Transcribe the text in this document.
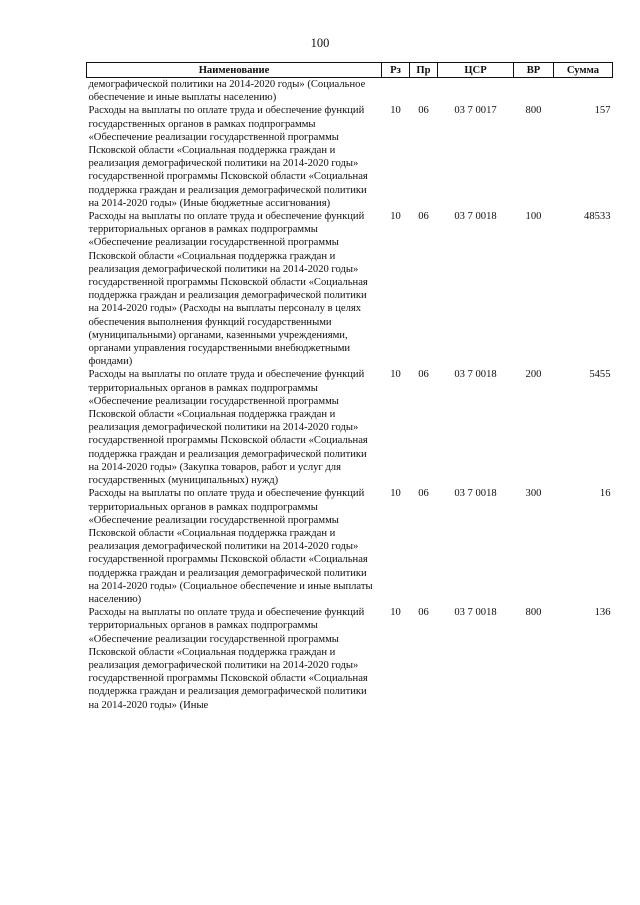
100
Наименование	Рз	Пр	ЦСР	ВР	Сумма
демографической политики на 2014-2020 годы» (Социальное обеспечение и иные выплаты населению)					
Расходы на выплаты по оплате труда и обеспечение функций государственных органов в рамках подпрограммы «Обеспечение реализации государственной программы Псковской области «Социальная поддержка граждан и реализация демографической политики на 2014-2020 годы» государственной программы Псковской области «Социальная поддержка граждан и реализация демографической политики на 2014-2020 годы» (Иные бюджетные ассигнования)	10	06	03 7 0017	800	157
Расходы на выплаты по оплате труда и обеспечение функций территориальных органов в рамках подпрограммы «Обеспечение реализации государственной программы Псковской области «Социальная поддержка граждан и реализация демографической политики на 2014-2020 годы» государственной программы Псковской области «Социальная поддержка граждан и реализация демографической политики на 2014-2020 годы» (Расходы на выплаты персоналу в целях обеспечения выполнения функций государственными (муниципальными) органами, казенными учреждениями, органами управления государственными внебюджетными фондами)	10	06	03 7 0018	100	48533
Расходы на выплаты по оплате труда и обеспечение функций территориальных органов в рамках подпрограммы «Обеспечение реализации государственной программы Псковской области «Социальная поддержка граждан и реализация демографической политики на 2014-2020 годы» государственной программы Псковской области «Социальная поддержка граждан и реализация демографической политики на 2014-2020 годы» (Закупка товаров, работ и услуг для государственных (муниципальных) нужд)	10	06	03 7 0018	200	5455
Расходы на выплаты по оплате труда и обеспечение функций территориальных органов в рамках подпрограммы «Обеспечение реализации государственной программы Псковской области «Социальная поддержка граждан и реализация демографической политики на 2014-2020 годы» государственной программы Псковской области «Социальная поддержка граждан и реализация демографической политики на 2014-2020 годы» (Социальное обеспечение и иные выплаты населению)	10	06	03 7 0018	300	16
Расходы на выплаты по оплате труда и обеспечение функций территориальных органов в рамках подпрограммы «Обеспечение реализации государственной программы Псковской области «Социальная поддержка граждан и реализация демографической политики на 2014-2020 годы» государственной программы Псковской области «Социальная поддержка граждан и реализация демографической политики на 2014-2020 годы» (Иные	10	06	03 7 0018	800	136
